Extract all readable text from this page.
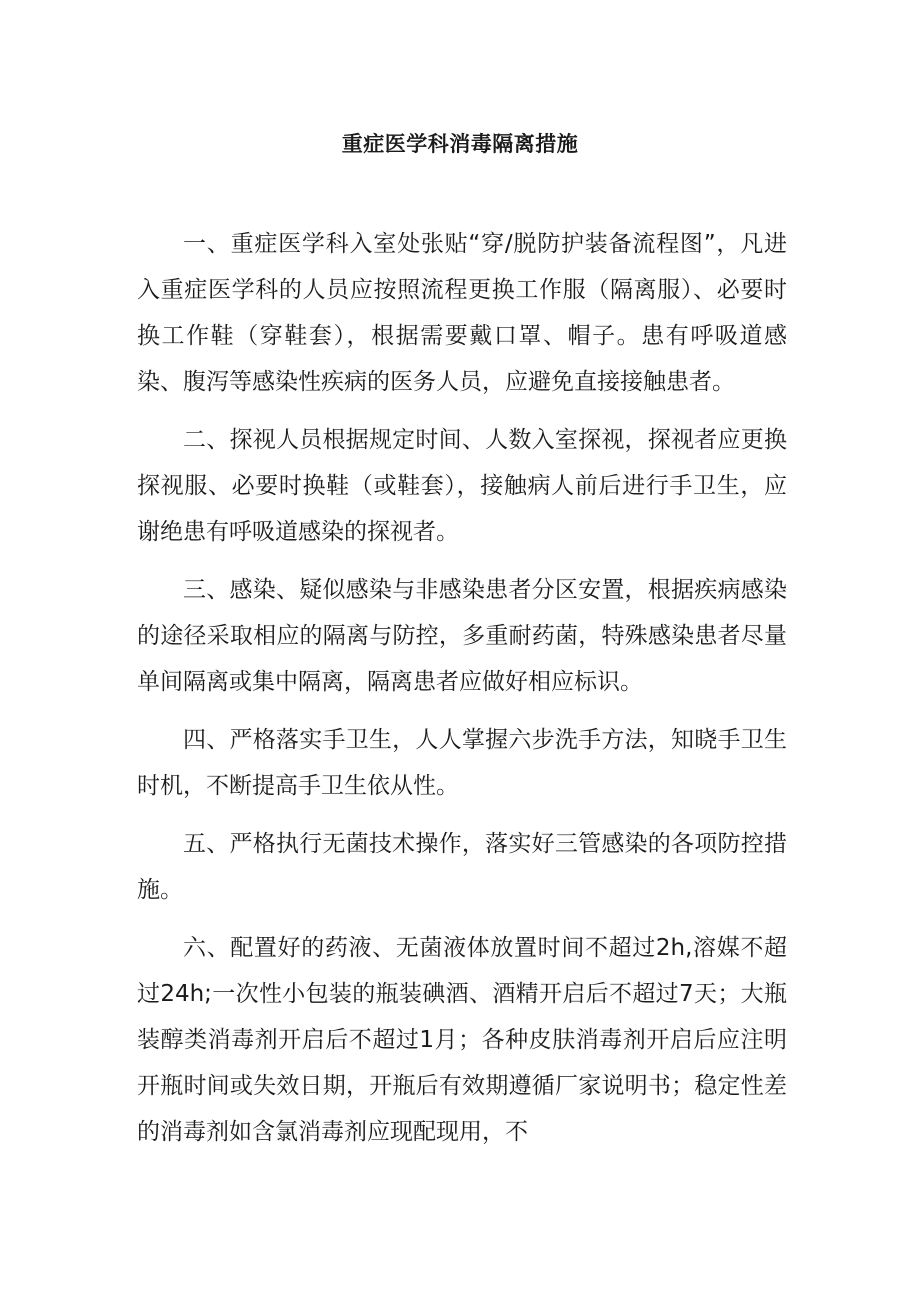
重症医学科消毒隔离措施

一、重症医学科入室处张贴“穿/脱防护装备流程图”，凡进入重症医学科的人员应按照流程更换工作服（隔离服）、必要时换工作鞋（穿鞋套），根据需要戴口罩、帽子。患有呼吸道感染、腹泻等感染性疾病的医务人员，应避免直接接触患者。

二、探视人员根据规定时间、人数入室探视，探视者应更换探视服、必要时换鞋（或鞋套），接触病人前后进行手卫生，应谢绝患有呼吸道感染的探视者。

三、感染、疑似感染与非感染患者分区安置，根据疾病感染的途径采取相应的隔离与防控，多重耐药菌，特殊感染患者尽量单间隔离或集中隔离，隔离患者应做好相应标识。

四、严格落实手卫生，人人掌握六步洗手方法，知晓手卫生时机，不断提高手卫生依从性。

五、严格执行无菌技术操作，落实好三管感染的各项防控措施。

六、配置好的药液、无菌液体放置时间不超过2h,溶媒不超过24h;一次性小包装的瓶装碘酒、酒精开启后不超过7天；大瓶装醇类消毒剂开启后不超过1月；各种皮肤消毒剂开启后应注明开瓶时间或失效日期，开瓶后有效期遵循厂家说明书；稳定性差的消毒剂如含氯消毒剂应现配现用，不
